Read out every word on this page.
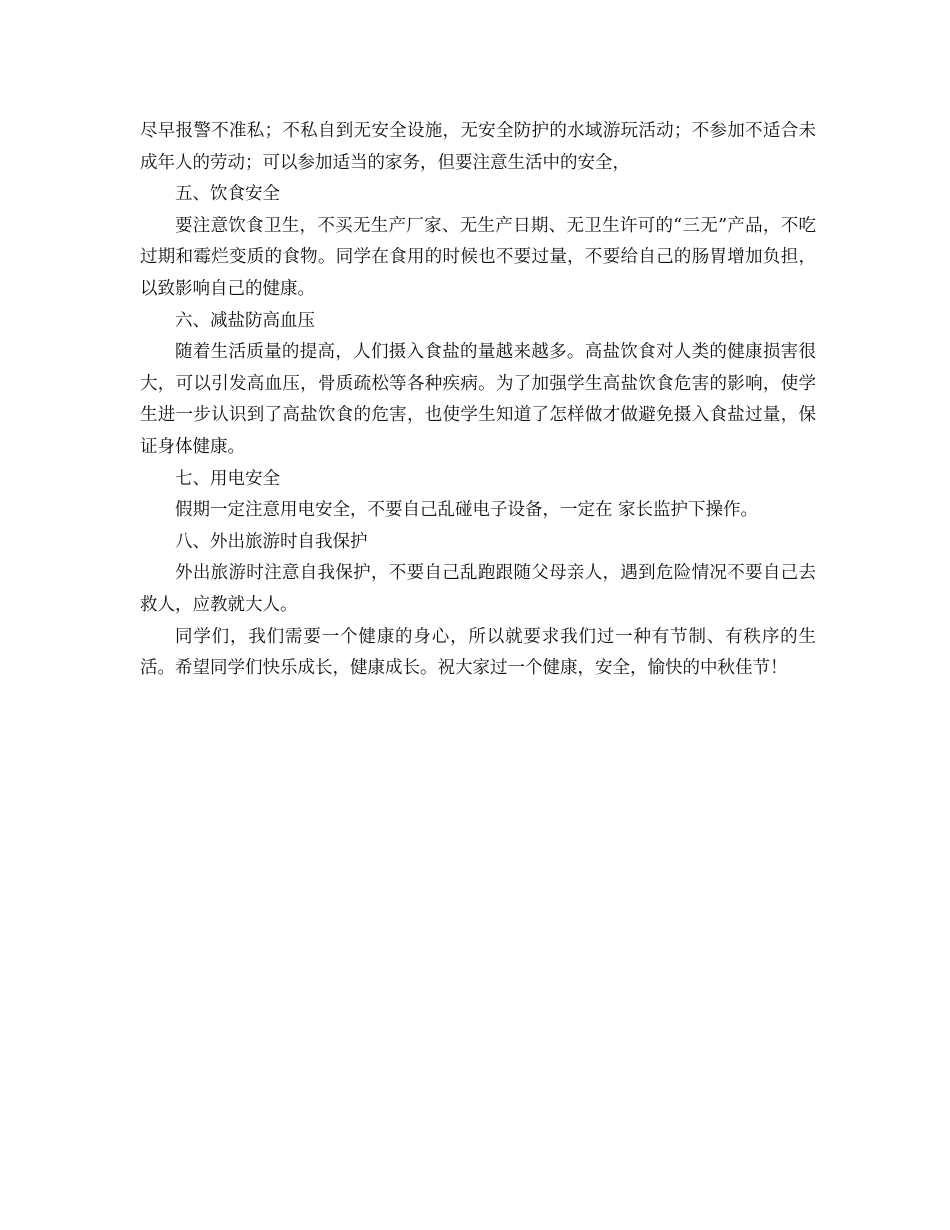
尽早报警不准私；不私自到无安全设施，无安全防护的水域游玩活动；不参加不适合未成年人的劳动；可以参加适当的家务，但要注意生活中的安全，

五、饮食安全

要注意饮食卫生，不买无生产厂家、无生产日期、无卫生许可的“三无”产品，不吃过期和霉烂变质的食物。同学在食用的时候也不要过量，不要给自己的肠胃增加负担，以致影响自己的健康。

六、减盐防高血压

随着生活质量的提高，人们摄入食盐的量越来越多。高盐饮食对人类的健康损害很大，可以引发高血压，骨质疏松等各种疾病。为了加强学生高盐饮食危害的影响，使学生进一步认识到了高盐饮食的危害，也使学生知道了怎样做才做避免摄入食盐过量，保证身体健康。

七、用电安全

假期一定注意用电安全，不要自己乱碰电子设备，一定在 家长监护下操作。

八、外出旅游时自我保护

外出旅游时注意自我保护，不要自己乱跑跟随父母亲人，遇到危险情况不要自己去救人，应教就大人。

同学们，我们需要一个健康的身心，所以就要求我们过一种有节制、有秩序的生活。希望同学们快乐成长，健康成长。祝大家过一个健康，安全，愉快的中秋佳节！
